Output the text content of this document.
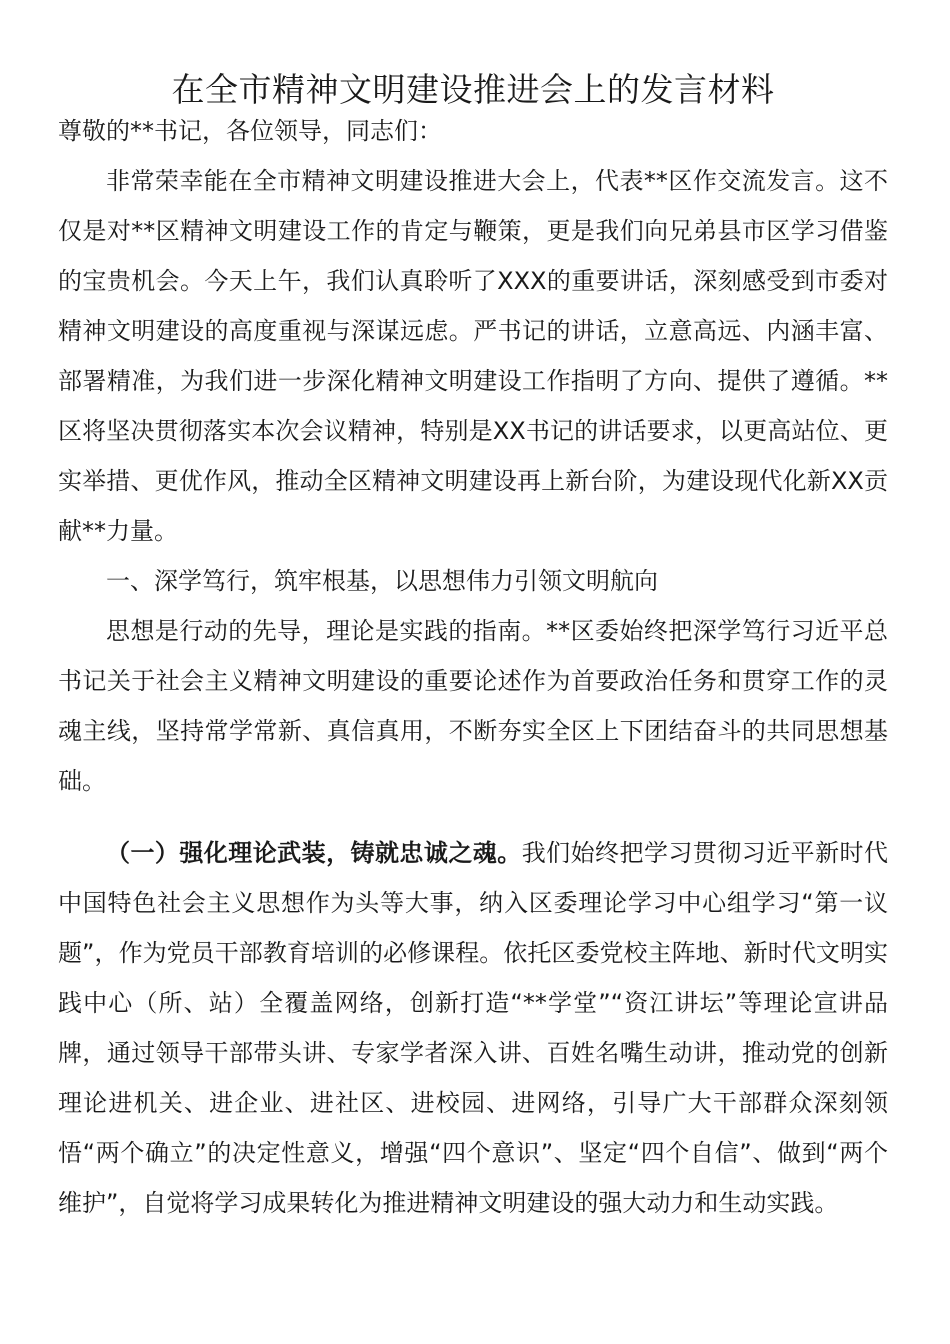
在全市精神文明建设推进会上的发言材料

尊敬的**书记，各位领导，同志们：

非常荣幸能在全市精神文明建设推进大会上，代表**区作交流发言。这不仅是对**区精神文明建设工作的肯定与鞭策，更是我们向兄弟县市区学习借鉴的宝贵机会。今天上午，我们认真聆听了XXX的重要讲话，深刻感受到市委对精神文明建设的高度重视与深谋远虑。严书记的讲话，立意高远、内涵丰富、部署精准，为我们进一步深化精神文明建设工作指明了方向、提供了遵循。**区将坚决贯彻落实本次会议精神，特别是XX书记的讲话要求，以更高站位、更实举措、更优作风，推动全区精神文明建设再上新台阶，为建设现代化新XX贡献**力量。

一、深学笃行，筑牢根基，以思想伟力引领文明航向

思想是行动的先导，理论是实践的指南。**区委始终把深学笃行习近平总书记关于社会主义精神文明建设的重要论述作为首要政治任务和贯穿工作的灵魂主线，坚持常学常新、真信真用，不断夯实全区上下团结奋斗的共同思想基础。

（一）强化理论武装，铸就忠诚之魂。我们始终把学习贯彻习近平新时代中国特色社会主义思想作为头等大事，纳入区委理论学习中心组学习“第一议题”，作为党员干部教育培训的必修课程。依托区委党校主阵地、新时代文明实践中心（所、站）全覆盖网络，创新打造“**学堂”“资江讲坛”等理论宣讲品牌，通过领导干部带头讲、专家学者深入讲、百姓名嘴生动讲，推动党的创新理论进机关、进企业、进社区、进校园、进网络，引导广大干部群众深刻领悟“两个确立”的决定性意义，增强“四个意识”、坚定“四个自信”、做到“两个维护”，自觉将学习成果转化为推进精神文明建设的强大动力和生动实践。
